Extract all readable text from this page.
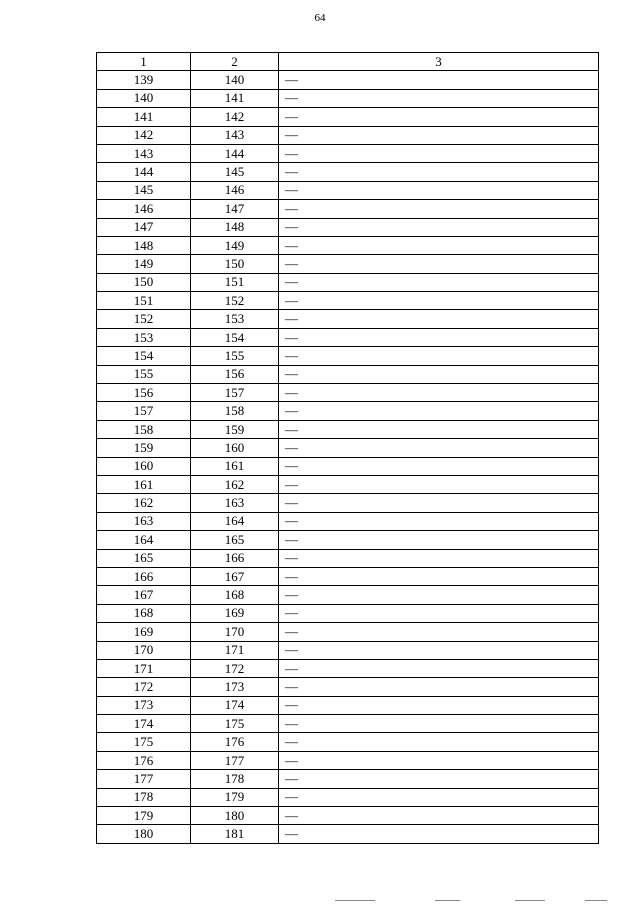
64
1	2	3
139	140	—
140	141	—
141	142	—
142	143	—
143	144	—
144	145	—
145	146	—
146	147	—
147	148	—
148	149	—
149	150	—
150	151	—
151	152	—
152	153	—
153	154	—
154	155	—
155	156	—
156	157	—
157	158	—
158	159	—
159	160	—
160	161	—
161	162	—
162	163	—
163	164	—
164	165	—
165	166	—
166	167	—
167	168	—
168	169	—
169	170	—
170	171	—
171	172	—
172	173	—
173	174	—
174	175	—
175	176	—
176	177	—
177	178	—
178	179	—
179	180	—
180	181	—
